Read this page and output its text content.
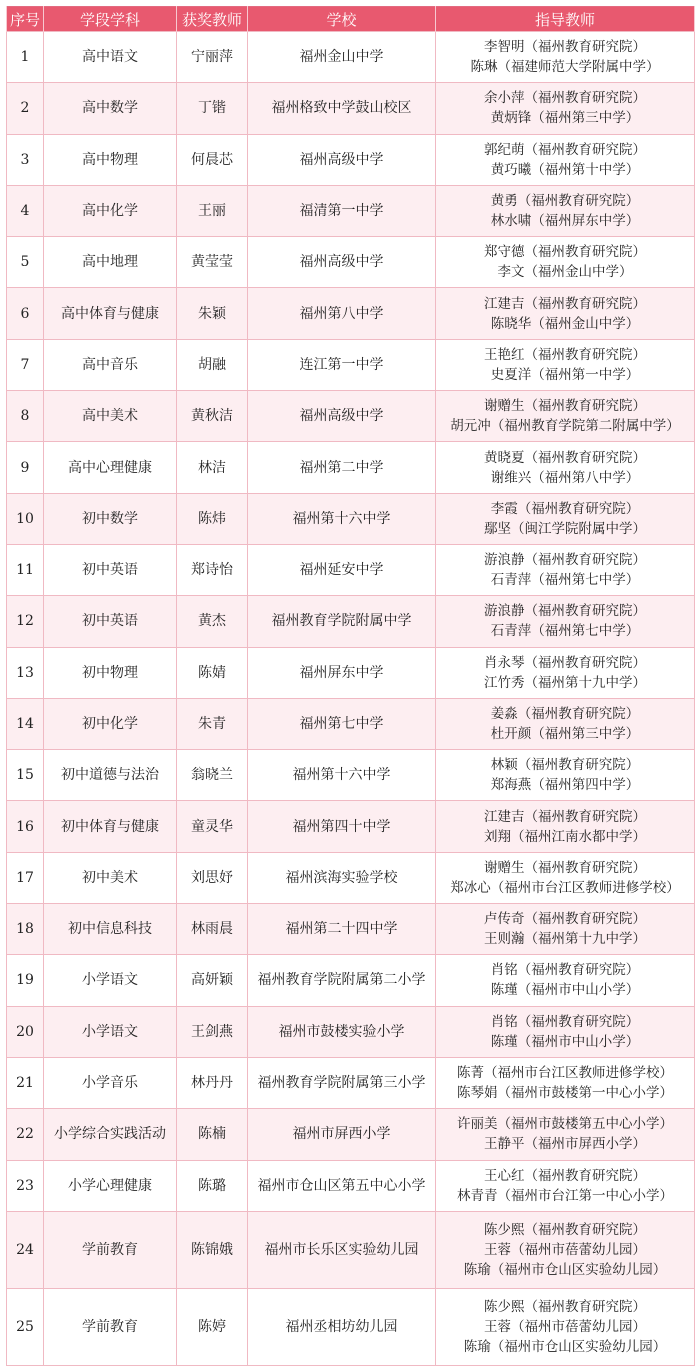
序号	学段学科	获奖教师	学校	指导教师
1	高中语文	宁丽萍	福州金山中学	李智明（福州教育研究院）
陈琳（福建师范大学附属中学）

2	高中数学	丁锴	福州格致中学鼓山校区	余小萍（福州教育研究院）
黄炳锋（福州第三中学）

3	高中物理	何晨芯	福州高级中学	郭纪萌（福州教育研究院）
黄巧曦（福州第十中学）

4	高中化学	王丽	福清第一中学	黄勇（福州教育研究院）
林水啸（福州屏东中学）

5	高中地理	黄莹莹	福州高级中学	郑守德（福州教育研究院）
李文（福州金山中学）

6	高中体育与健康	朱颖	福州第八中学	江建吉（福州教育研究院）
陈晓华（福州金山中学）

7	高中音乐	胡融	连江第一中学	王艳红（福州教育研究院）
史夏洋（福州第一中学）

8	高中美术	黄秋洁	福州高级中学	谢赠生（福州教育研究院）
胡元冲（福州教育学院第二附属中学）

9	高中心理健康	林洁	福州第二中学	黄晓夏（福州教育研究院）
谢维兴（福州第八中学）

10	初中数学	陈炜	福州第十六中学	李霞（福州教育研究院）
鄢坚（闽江学院附属中学）

11	初中英语	郑诗怡	福州延安中学	游浪静（福州教育研究院）
石青萍（福州第七中学）

12	初中英语	黄杰	福州教育学院附属中学	游浪静（福州教育研究院）
石青萍（福州第七中学）

13	初中物理	陈婧	福州屏东中学	肖永琴（福州教育研究院）
江竹秀（福州第十九中学）

14	初中化学	朱青	福州第七中学	姜淼（福州教育研究院）
杜开颜（福州第三中学）

15	初中道德与法治	翁晓兰	福州第十六中学	林颖（福州教育研究院）
郑海燕（福州第四中学）

16	初中体育与健康	童灵华	福州第四十中学	江建吉（福州教育研究院）
刘翔（福州江南水都中学）

17	初中美术	刘思妤	福州滨海实验学校	谢赠生（福州教育研究院）
郑冰心（福州市台江区教师进修学校）

18	初中信息科技	林雨晨	福州第二十四中学	卢传奇（福州教育研究院）
王则瀚（福州第十九中学）

19	小学语文	高妍颖	福州教育学院附属第二小学	肖铭（福州教育研究院）
陈瑾（福州市中山小学）

20	小学语文	王剑燕	福州市鼓楼实验小学	肖铭（福州教育研究院）
陈瑾（福州市中山小学）

21	小学音乐	林丹丹	福州教育学院附属第三小学	陈菁（福州市台江区教师进修学校）
陈琴娟（福州市鼓楼第一中心小学）

22	小学综合实践活动	陈楠	福州市屏西小学	许丽美（福州市鼓楼第五中心小学）
王静平（福州市屏西小学）

23	小学心理健康	陈璐	福州市仓山区第五中心小学	王心红（福州教育研究院）
林青青（福州市台江第一中心小学）

24	学前教育	陈锦娥	福州市长乐区实验幼儿园	陈少熙（福州教育研究院）
王蓉（福州市蓓蕾幼儿园）
陈瑜（福州市仓山区实验幼儿园）

25	学前教育	陈婷	福州丞相坊幼儿园	陈少熙（福州教育研究院）
王蓉（福州市蓓蕾幼儿园）
陈瑜（福州市仓山区实验幼儿园）
